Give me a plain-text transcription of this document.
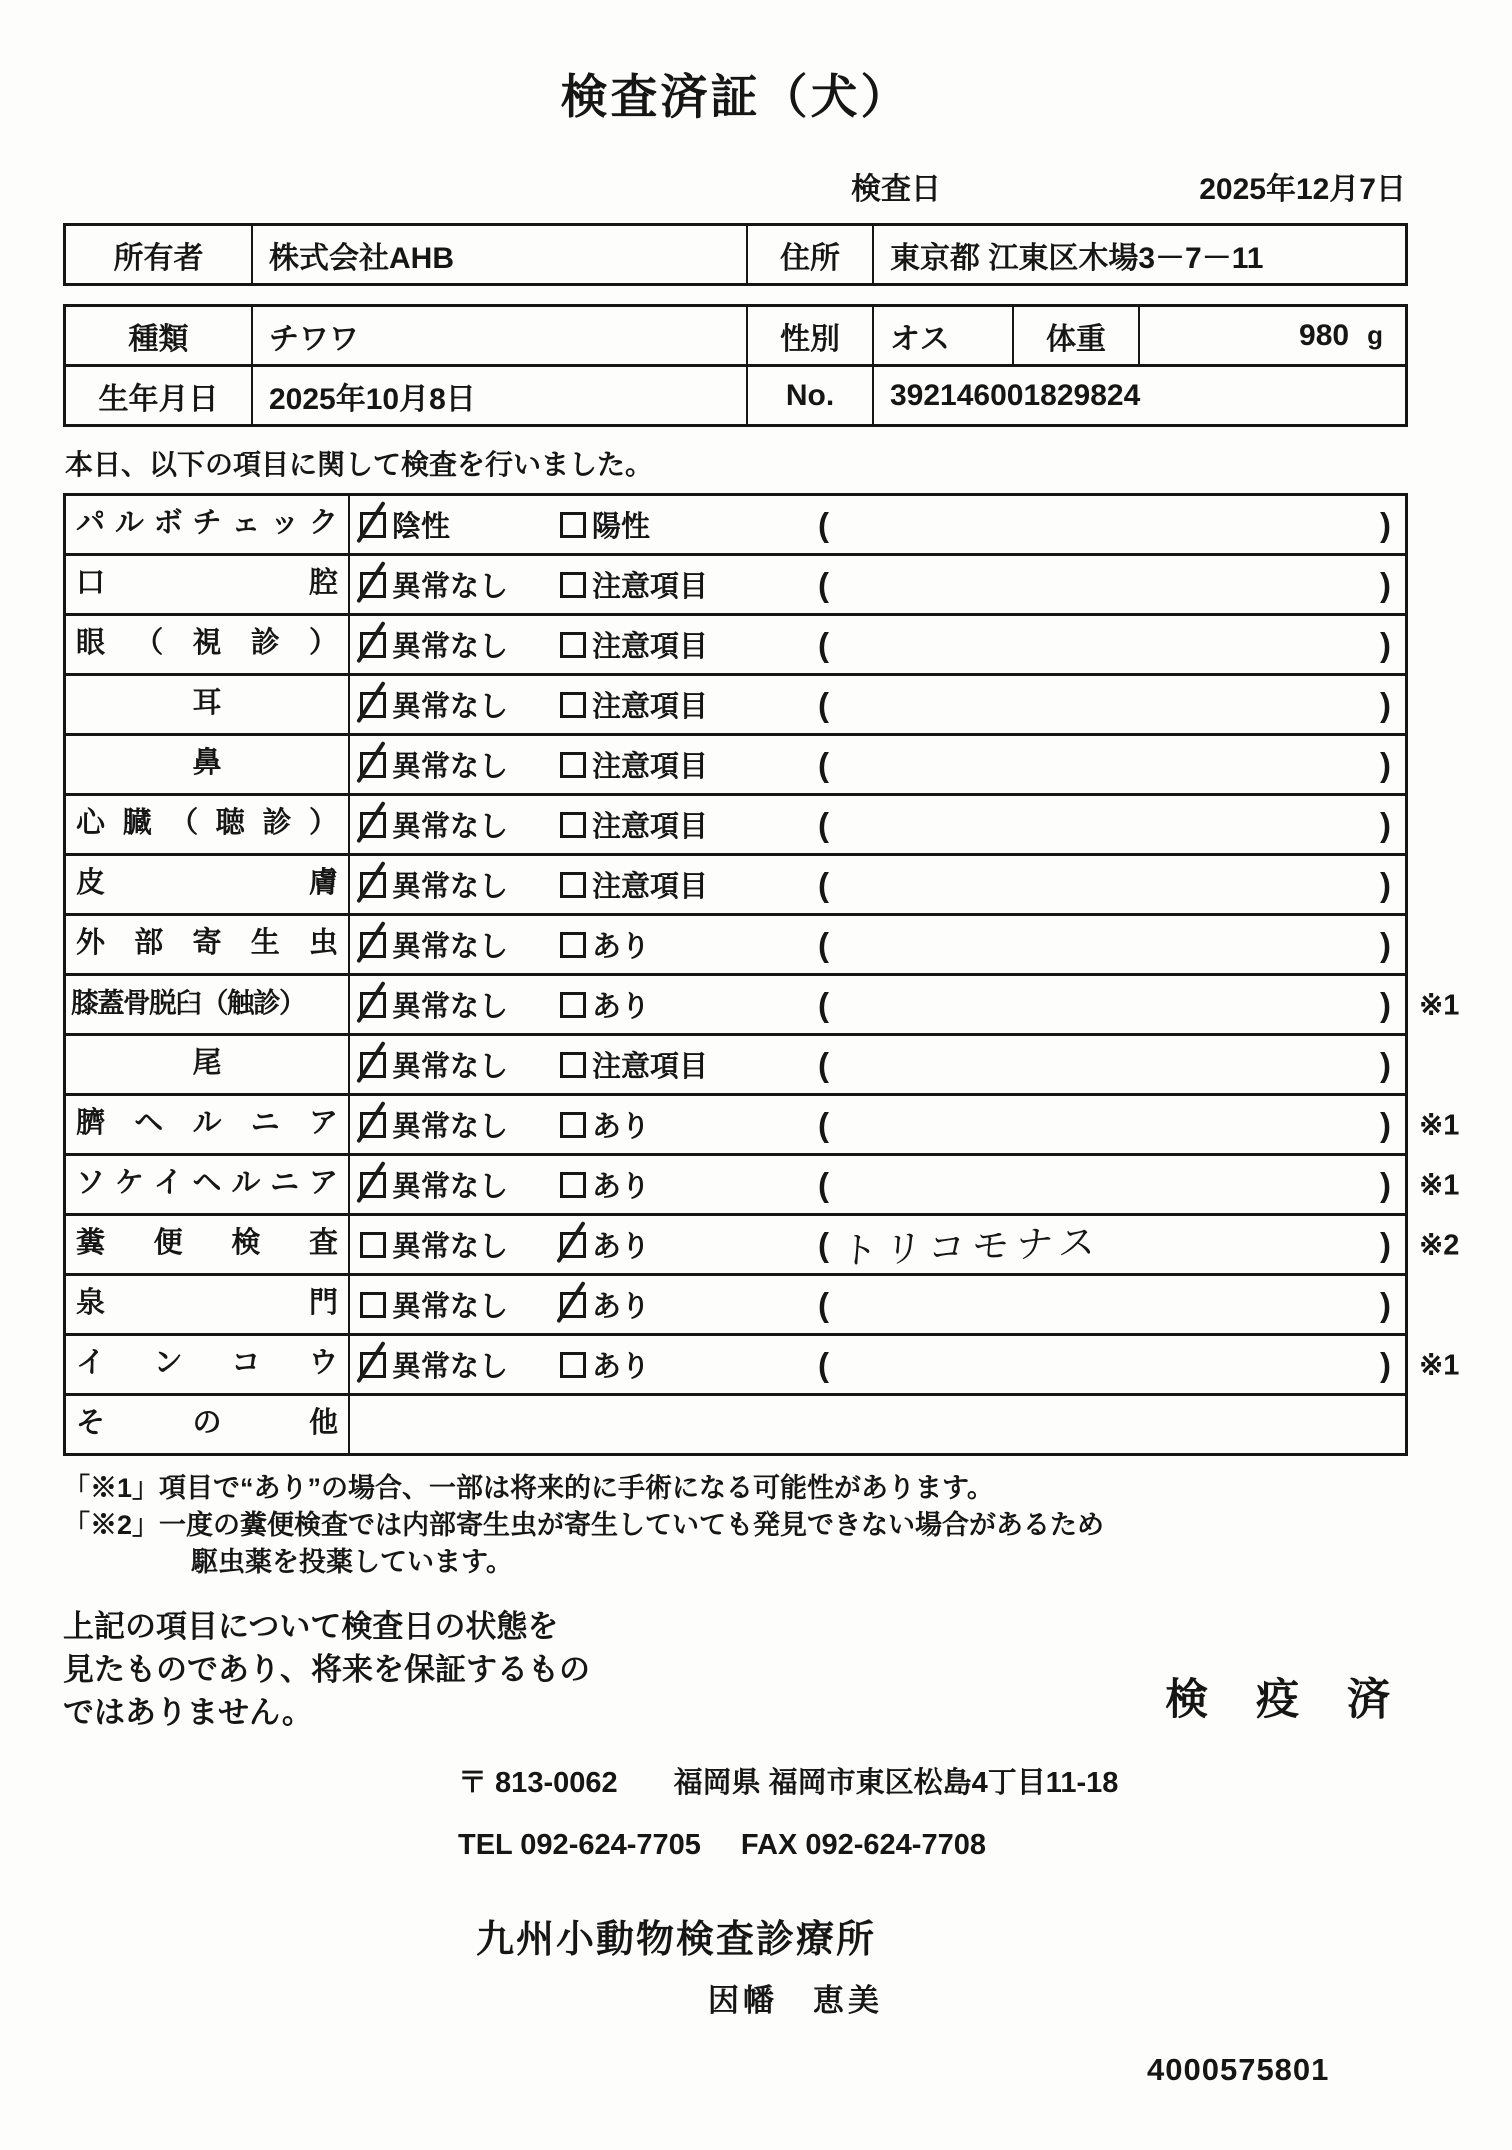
検査済証（犬）
検査日	2025年12月7日
所有者	株式会社AHB	住所	東京都 江東区木場3－7－11
種類	チワワ	性別	オス	体重	980 g
生年月日	2025年10月8日	No.	392146001829824
本日、以下の項目に関して検査を行いました。
パ ル ボ チ ェ ッ ク	陰性	陽性	(	)
口 腔	異常なし	注意項目	(	)
眼 （ 視 診 ）	異常なし	注意項目	(	)
耳	異常なし	注意項目	(	)
鼻	異常なし	注意項目	(	)
心 臓 （ 聴 診 ）	異常なし	注意項目	(	)
皮 膚	異常なし	注意項目	(	)
外 部 寄 生 虫	異常なし	あり	(	)
膝蓋骨脱臼（触診）	異常なし	あり	(	) ※1
尾	異常なし	注意項目	(	)
臍 ヘ ル ニ ア	異常なし	あり	(	) ※1
ソ ケ イ ヘ ル ニ ア	異常なし	あり	(	) ※1
糞 便 検 査	異常なし	あり	( トリコモナス	) ※2
泉 門	異常なし	あり	(	)
イ ン コ ウ	異常なし	あり	(	) ※1
そ の 他
「※1」項目で“あり”の場合、一部は将来的に手術になる可能性があります。
「※2」一度の糞便検査では内部寄生虫が寄生していても発見できない場合があるため
駆虫薬を投薬しています。
上記の項目について検査日の状態を
見たものであり、将来を保証するもの
ではありません。	検 疫 済
〒 813-0062 福岡県 福岡市東区松島4丁目11-18
TEL 092-624-7705 FAX 092-624-7708
九州小動物検査診療所
因幡　恵美
4000575801
